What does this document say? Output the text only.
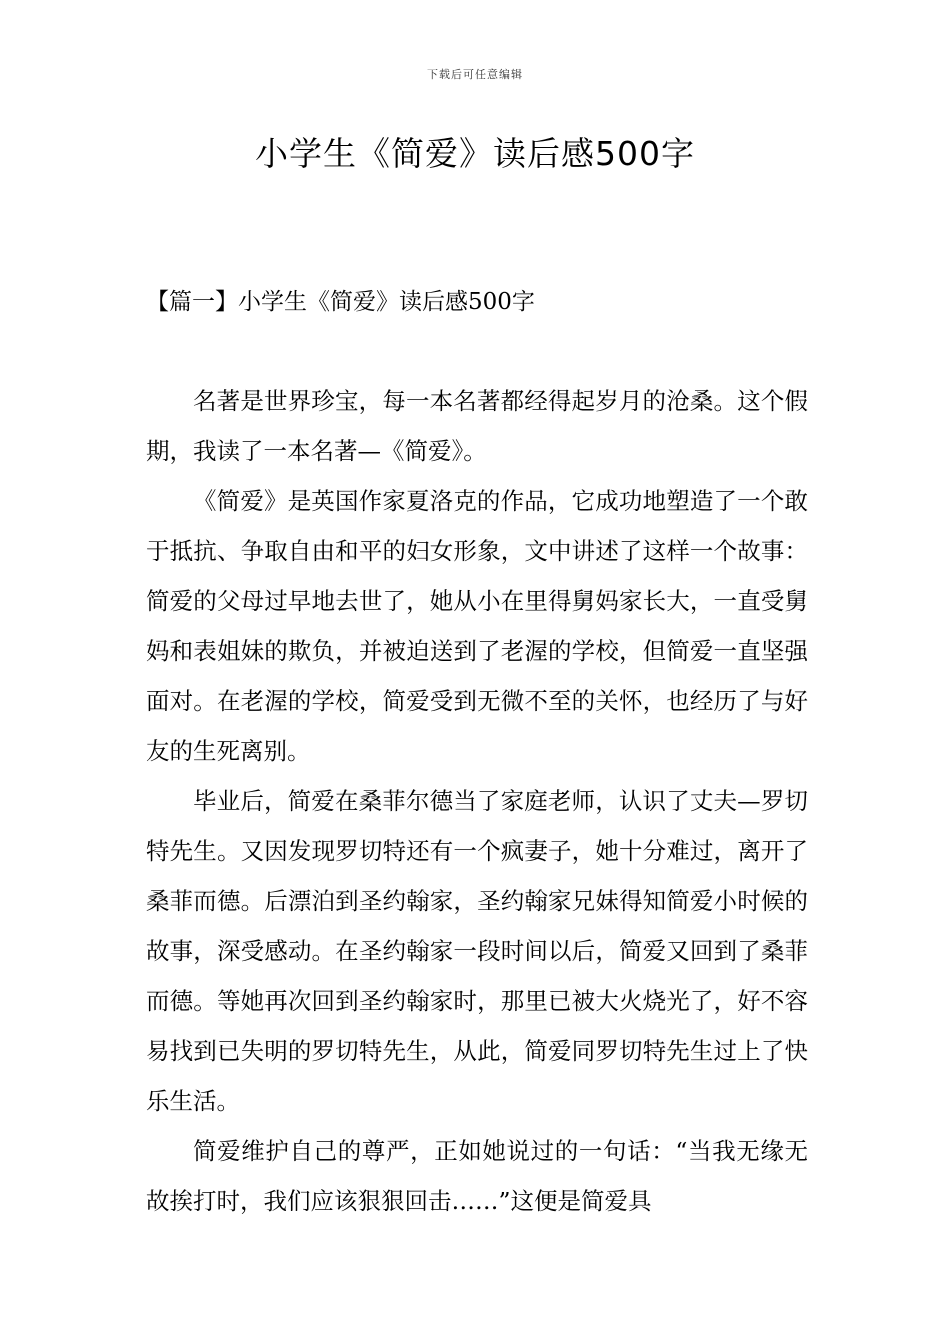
下载后可任意编辑
小学生《简爱》读后感500字
【篇一】小学生《简爱》读后感500字

名著是世界珍宝，每一本名著都经得起岁月的沧桑。这个假期，我读了一本名著—《简爱》。

《简爱》是英国作家夏洛克的作品，它成功地塑造了一个敢于抵抗、争取自由和平的妇女形象，文中讲述了这样一个故事：简爱的父母过早地去世了，她从小在里得舅妈家长大，一直受舅妈和表姐妹的欺负，并被迫送到了老渥的学校，但简爱一直坚强面对。在老渥的学校，简爱受到无微不至的关怀，也经历了与好友的生死离别。

毕业后，简爱在桑菲尔德当了家庭老师，认识了丈夫—罗切特先生。又因发现罗切特还有一个疯妻子，她十分难过，离开了桑菲而德。后漂泊到圣约翰家，圣约翰家兄妹得知简爱小时候的故事，深受感动。在圣约翰家一段时间以后，简爱又回到了桑菲而德。等她再次回到圣约翰家时，那里已被大火烧光了，好不容易找到已失明的罗切特先生，从此，简爱同罗切特先生过上了快乐生活。

简爱维护自己的尊严，正如她说过的一句话：“当我无缘无故挨打时，我们应该狠狠回击……”这便是简爱具
